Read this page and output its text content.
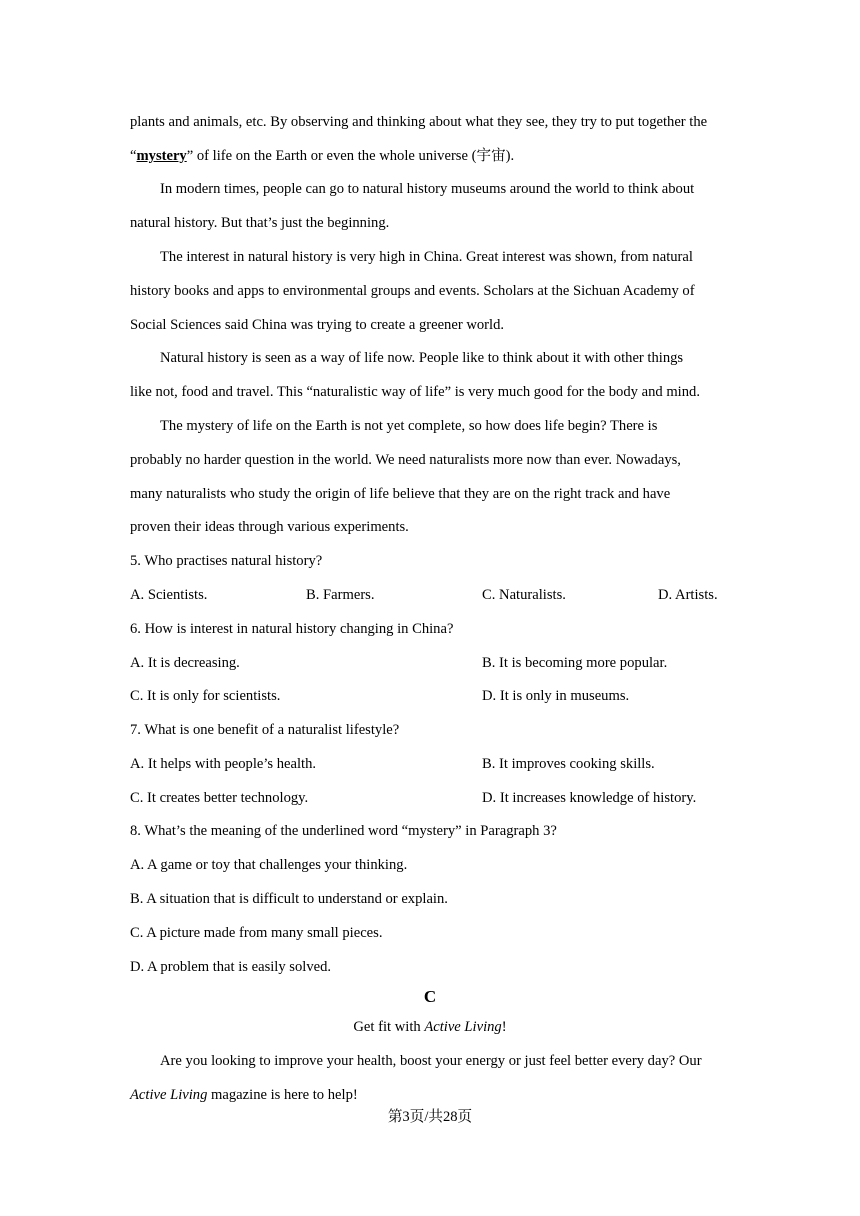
plants and animals, etc. By observing and thinking about what they see, they try to put together the
“mystery” of life on the Earth or even the whole universe (宇宙).
In modern times, people can go to natural history museums around the world to think about
natural history. But that’s just the beginning.
The interest in natural history is very high in China. Great interest was shown, from natural
history books and apps to environmental groups and events. Scholars at the Sichuan Academy of
Social Sciences said China was trying to create a greener world.
Natural history is seen as a way of life now. People like to think about it with other things
like not, food and travel. This “naturalistic way of life” is very much good for the body and mind.
The mystery of life on the Earth is not yet complete, so how does life begin? There is
probably no harder question in the world. We need naturalists more now than ever. Nowadays,
many naturalists who study the origin of life believe that they are on the right track and have
proven their ideas through various experiments.
5. Who practises natural history?
A. Scientists.	B. Farmers.	C. Naturalists.	D. Artists.
6. How is interest in natural history changing in China?
A. It is decreasing.	B. It is becoming more popular.
C. It is only for scientists.	D. It is only in museums.
7. What is one benefit of a naturalist lifestyle?
A. It helps with people’s health.	B. It improves cooking skills.
C. It creates better technology.	D. It increases knowledge of history.
8. What’s the meaning of the underlined word “mystery” in Paragraph 3?
A. A game or toy that challenges your thinking.
B. A situation that is difficult to understand or explain.
C. A picture made from many small pieces.
D. A problem that is easily solved.
C
Get fit with Active Living!
Are you looking to improve your health, boost your energy or just feel better every day? Our
Active Living magazine is here to help!
第3页/共28页
